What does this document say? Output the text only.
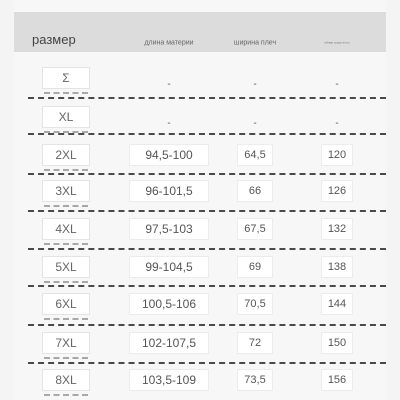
размер	длина материи	ширина плеч	обхват груди этого
Σ	-	-	-
XL	-	-	-
2XL	94,5-100	64,5	120
3XL	96-101,5	66	126
4XL	97,5-103	67,5	132
5XL	99-104,5	69	138
6XL	100,5-106	70,5	144
7XL	102-107,5	72	150
8XL	103,5-109	73,5	156
